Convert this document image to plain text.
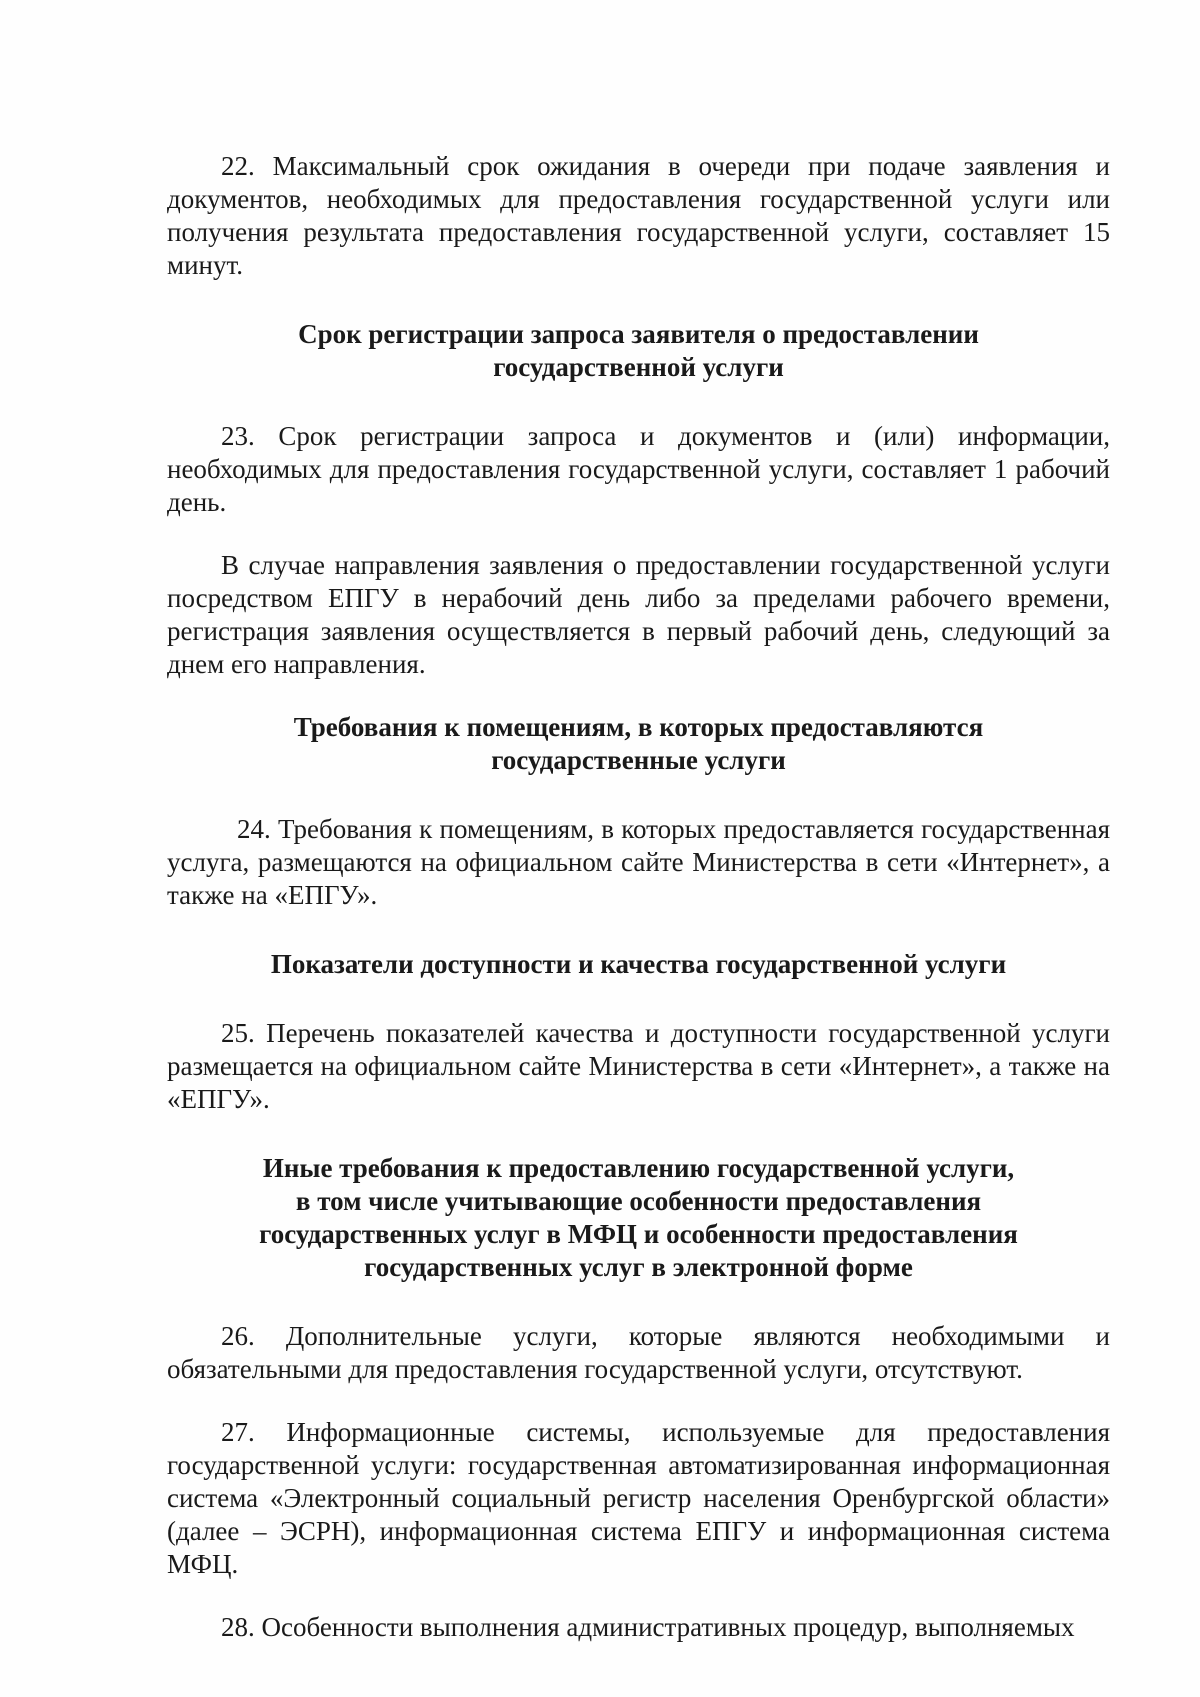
22. Максимальный срок ожидания в очереди при подаче заявления и документов, необходимых для предоставления государственной услуги или получения результата предоставления государственной услуги, составляет 15 минут.

Срок регистрации запроса заявителя о предоставлении
государственной услуги

23. Срок регистрации запроса и документов и (или) информации, необходимых для предоставления государственной услуги, составляет 1 рабочий день.

В случае направления заявления о предоставлении государственной услуги посредством ЕПГУ в нерабочий день либо за пределами рабочего времени, регистрация заявления осуществляется в первый рабочий день, следующий за днем его направления.

Требования к помещениям, в которых предоставляются
государственные услуги

24. Требования к помещениям, в которых предоставляется государственная услуга, размещаются на официальном сайте Министерства в сети «Интернет», а также на «ЕПГУ».

Показатели доступности и качества государственной услуги

25. Перечень показателей качества и доступности государственной услуги размещается на официальном сайте Министерства в сети «Интернет», а также на «ЕПГУ».

Иные требования к предоставлению государственной услуги,
в том числе учитывающие особенности предоставления
государственных услуг в МФЦ и особенности предоставления
государственных услуг в электронной форме

26. Дополнительные услуги, которые являются необходимыми и обязательными для предоставления государственной услуги, отсутствуют.

27. Информационные системы, используемые для предоставления государственной услуги: государственная автоматизированная информационная система «Электронный социальный регистр населения Оренбургской области» (далее – ЭСРН), информационная система ЕПГУ и информационная система МФЦ.

28. Особенности выполнения административных процедур, выполняемых
